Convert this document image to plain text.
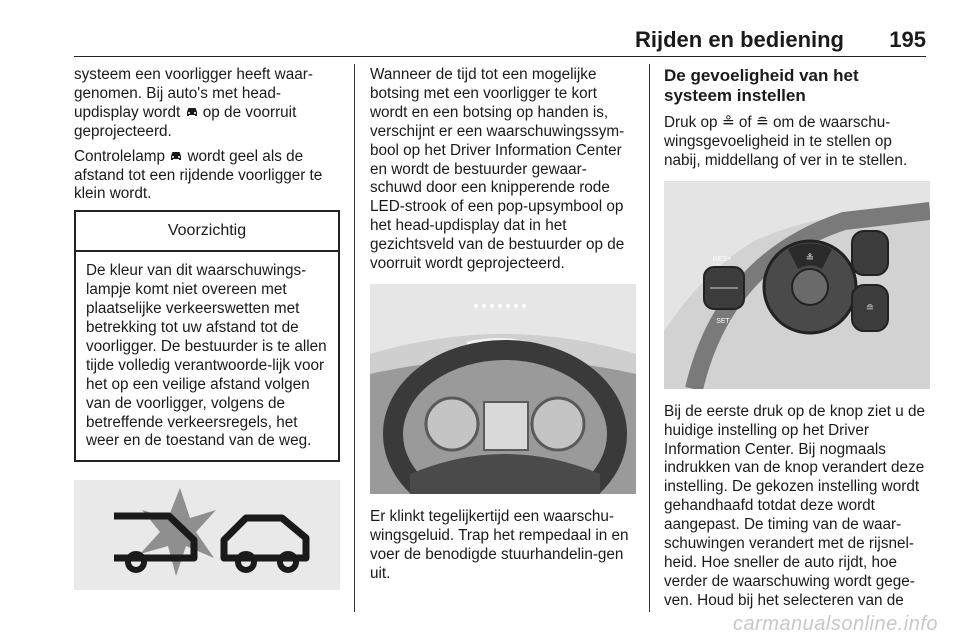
Rijden en bediening 195

systeem een voorligger heeft waar-genomen. Bij auto's met head-updisplay wordt  op de voorruit geprojecteerd.

Controlelamp  wordt geel als de afstand tot een rijdende voorligger te klein wordt.

Voorzichtig
De kleur van dit waarschuwings-lampje komt niet overeen met plaatselijke verkeerswetten met betrekking tot uw afstand tot de voorligger. De bestuurder is te allen tijde volledig verantwoorde-lijk voor het op een veilige afstand volgen van de voorligger, volgens de betreffende verkeersregels, het weer en de toestand van de weg.

Wanneer de tijd tot een mogelijke botsing met een voorligger te kort wordt en een botsing op handen is, verschijnt er een waarschuwingssym-bool op het Driver Information Center en wordt de bestuurder gewaar-schuwd door een knipperende rode LED-strook of een pop-upsymbool op het head-updisplay dat in het gezichtsveld van de bestuurder op de voorruit wordt geprojecteerd.

Er klinkt tegelijkertijd een waarschu-wingsgeluid. Trap het rempedaal in en voer de benodigde stuurhandelin-gen uit.

De gevoeligheid van het systeem instellen

Druk op ≗ of ≘ om de waarschu-wingsgevoeligheid in te stellen op nabij, middellang of ver in te stellen.

RES+
SET-
≗
≘

Bij de eerste druk op de knop ziet u de huidige instelling op het Driver Information Center. Bij nogmaals indrukken van de knop verandert deze instelling. De gekozen instelling wordt gehandhaafd totdat deze wordt aangepast. De timing van de waar-schuwingen verandert met de rijsnel-heid. Hoe sneller de auto rijdt, hoe verder de waarschuwing wordt gege-ven. Houd bij het selecteren van de

carmanualsonline.info
